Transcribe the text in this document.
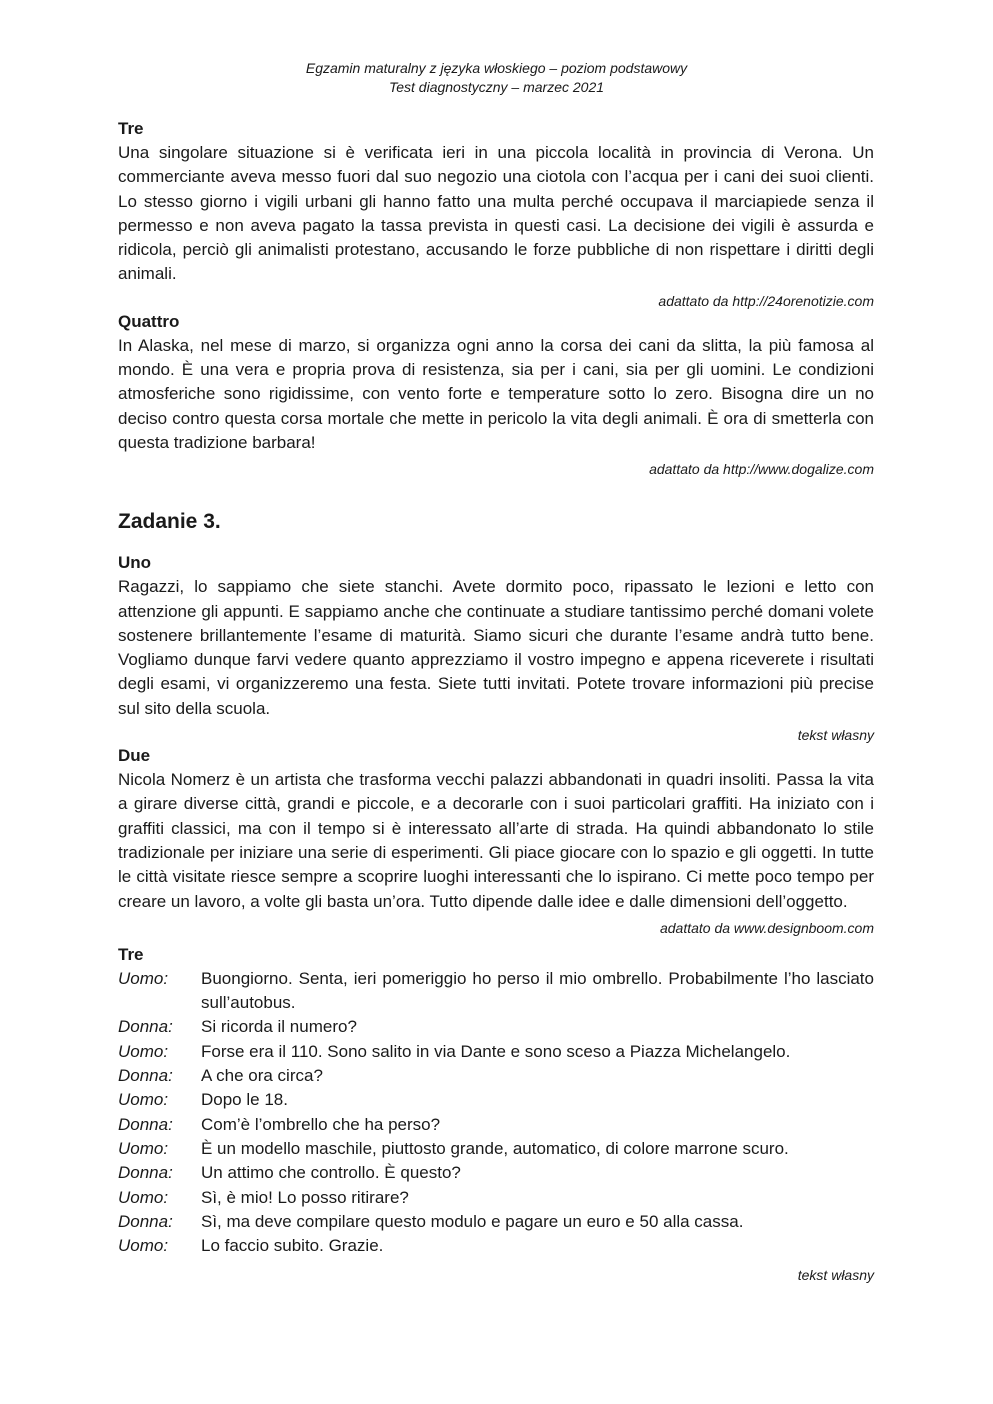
Egzamin maturalny z języka włoskiego – poziom podstawowy
Test diagnostyczny – marzec 2021
Tre

Una singolare situazione si è verificata ieri in una piccola località in provincia di Verona. Un commerciante aveva messo fuori dal suo negozio una ciotola con l’acqua per i cani dei suoi clienti. Lo stesso giorno i vigili urbani gli hanno fatto una multa perché occupava il marciapiede senza il permesso e non aveva pagato la tassa prevista in questi casi. La decisione dei vigili è assurda e ridicola, perciò gli animalisti protestano, accusando le forze pubbliche di non rispettare i diritti degli animali.

adattato da http://24orenotizie.com
Quattro

In Alaska, nel mese di marzo, si organizza ogni anno la corsa dei cani da slitta, la più famosa al mondo. È una vera e propria prova di resistenza, sia per i cani, sia per gli uomini. Le condizioni atmosferiche sono rigidissime, con vento forte e temperature sotto lo zero. Bisogna dire un no deciso contro questa corsa mortale che mette in pericolo la vita degli animali. È ora di smetterla con questa tradizione barbara!

adattato da http://www.dogalize.com
Zadanie 3.
Uno

Ragazzi, lo sappiamo che siete stanchi. Avete dormito poco, ripassato le lezioni e letto con attenzione gli appunti. E sappiamo anche che continuate a studiare tantissimo perché domani volete sostenere brillantemente l’esame di maturità. Siamo sicuri che durante l’esame andrà tutto bene. Vogliamo dunque farvi vedere quanto apprezziamo il vostro impegno e appena riceverete i risultati degli esami, vi organizzeremo una festa. Siete tutti invitati. Potete trovare informazioni più precise sul sito della scuola.

tekst własny
Due

Nicola Nomerz è un artista che trasforma vecchi palazzi abbandonati in quadri insoliti. Passa la vita a girare diverse città, grandi e piccole, e a decorarle con i suoi particolari graffiti. Ha iniziato con i graffiti classici, ma con il tempo si è interessato all’arte di strada. Ha quindi abbandonato lo stile tradizionale per iniziare una serie di esperimenti. Gli piace giocare con lo spazio e gli oggetti. In tutte le città visitate riesce sempre a scoprire luoghi interessanti che lo ispirano. Ci mette poco tempo per creare un lavoro, a volte gli basta un’ora. Tutto dipende dalle idee e dalle dimensioni dell’oggetto.

adattato da www.designboom.com
Tre
Uomo:	Buongiorno. Senta, ieri pomeriggio ho perso il mio ombrello. Probabilmente l’ho lasciato sull’autobus.
Donna:	Si ricorda il numero?
Uomo:	Forse era il 110. Sono salito in via Dante e sono sceso a Piazza Michelangelo.
Donna:	A che ora circa?
Uomo:	Dopo le 18.
Donna:	Com’è l’ombrello che ha perso?
Uomo:	È un modello maschile, piuttosto grande, automatico, di colore marrone scuro.
Donna:	Un attimo che controllo. È questo?
Uomo:	Sì, è mio! Lo posso ritirare?
Donna:	Sì, ma deve compilare questo modulo e pagare un euro e 50 alla cassa.
Uomo:	Lo faccio subito. Grazie.
tekst własny
